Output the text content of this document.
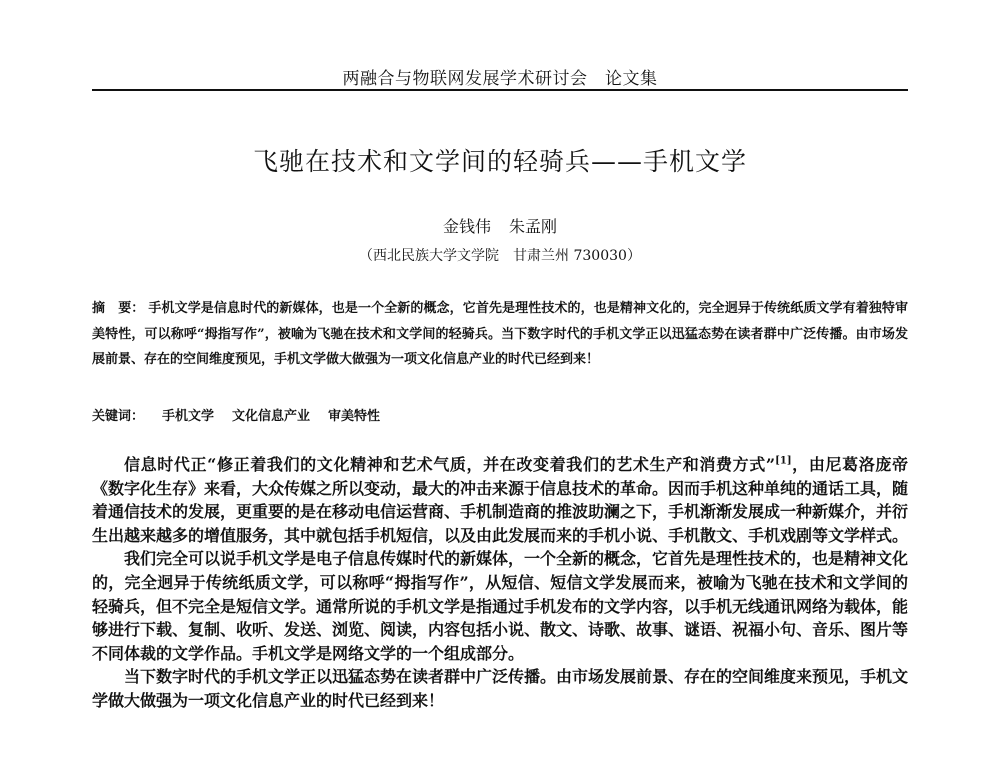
两融合与物联网发展学术研讨会　论文集
飞驰在技术和文学间的轻骑兵——手机文学
金钱伟 朱孟刚
（西北民族大学文学院　甘肃兰州 730030）
摘　要： 手机文学是信息时代的新媒体，也是一个全新的概念，它首先是理性技术的，也是精神文化的，完全迥异于传统纸质文学有着独特审美特性，可以称呼“拇指写作”，被喻为飞驰在技术和文学间的轻骑兵。当下数字时代的手机文学正以迅猛态势在读者群中广泛传播。由市场发展前景、存在的空间维度预见，手机文学做大做强为一项文化信息产业的时代已经到来！
关键词： 手机文学 文化信息产业 审美特性

信息时代正“修正着我们的文化精神和艺术气质，并在改变着我们的艺术生产和消费方式”[1]，由尼葛洛庞帝《数字化生存》来看，大众传媒之所以变动，最大的冲击来源于信息技术的革命。因而手机这种单纯的通话工具，随着通信技术的发展，更重要的是在移动电信运营商、手机制造商的推波助澜之下，手机渐渐发展成一种新媒介，并衍生出越来越多的增值服务，其中就包括手机短信，以及由此发展而来的手机小说、手机散文、手机戏剧等文学样式。

我们完全可以说手机文学是电子信息传媒时代的新媒体，一个全新的概念，它首先是理性技术的，也是精神文化的，完全迥异于传统纸质文学，可以称呼“拇指写作”，从短信、短信文学发展而来，被喻为飞驰在技术和文学间的轻骑兵，但不完全是短信文学。通常所说的手机文学是指通过手机发布的文学内容，以手机无线通讯网络为载体，能够进行下载、复制、收听、发送、浏览、阅读，内容包括小说、散文、诗歌、故事、谜语、祝福小句、音乐、图片等不同体裁的文学作品。手机文学是网络文学的一个组成部分。

当下数字时代的手机文学正以迅猛态势在读者群中广泛传播。由市场发展前景、存在的空间维度来预见，手机文学做大做强为一项文化信息产业的时代已经到来！
